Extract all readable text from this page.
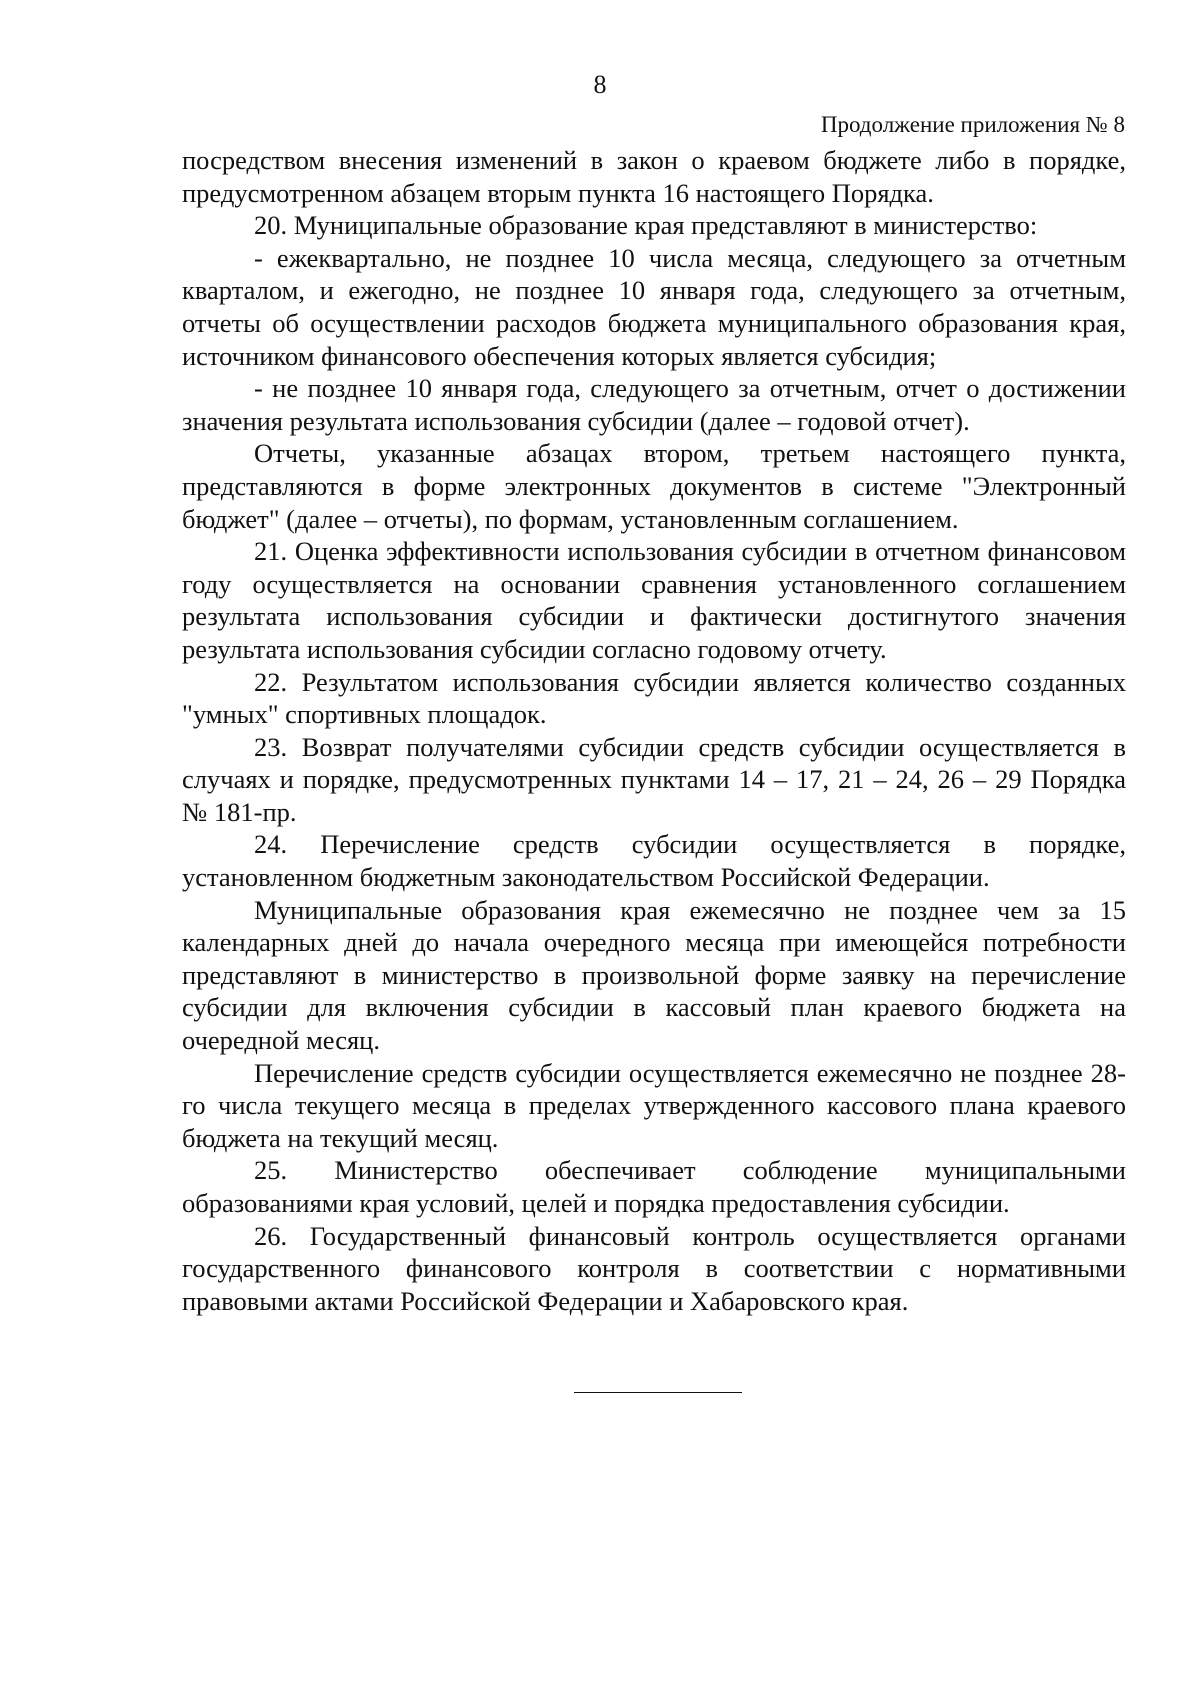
8
Продолжение приложения № 8

посредством внесения изменений в закон о краевом бюджете либо в порядке, предусмотренном абзацем вторым пункта 16 настоящего Порядка.

20. Муниципальные образование края представляют в министерство:

- ежеквартально, не позднее 10 числа месяца, следующего за отчетным кварталом, и ежегодно, не позднее 10 января года, следующего за отчетным, отчеты об осуществлении расходов бюджета муниципального образования края, источником финансового обеспечения которых является субсидия;

- не позднее 10 января года, следующего за отчетным, отчет о достижении значения результата использования субсидии (далее – годовой отчет).

Отчеты, указанные абзацах втором, третьем настоящего пункта, представляются в форме электронных документов в системе "Электронный бюджет" (далее – отчеты), по формам, установленным соглашением.

21. Оценка эффективности использования субсидии в отчетном финансовом году осуществляется на основании сравнения установленного соглашением результата использования субсидии и фактически достигнутого значения результата использования субсидии согласно годовому отчету.

22. Результатом использования субсидии является количество созданных "умных" спортивных площадок.

23. Возврат получателями субсидии средств субсидии осуществляется в случаях и порядке, предусмотренных пунктами 14 – 17, 21 – 24, 26 – 29 Порядка № 181-пр.

24. Перечисление средств субсидии осуществляется в порядке, установленном бюджетным законодательством Российской Федерации.

Муниципальные образования края ежемесячно не позднее чем за 15 календарных дней до начала очередного месяца при имеющейся потребности представляют в министерство в произвольной форме заявку на перечисление субсидии для включения субсидии в кассовый план краевого бюджета на очередной месяц.

Перечисление средств субсидии осуществляется ежемесячно не позднее 28-го числа текущего месяца в пределах утвержденного кассового плана краевого бюджета на текущий месяц.

25. Министерство обеспечивает соблюдение муниципальными образованиями края условий, целей и порядка предоставления субсидии.

26. Государственный финансовый контроль осуществляется органами государственного финансового контроля в соответствии с нормативными правовыми актами Российской Федерации и Хабаровского края.
